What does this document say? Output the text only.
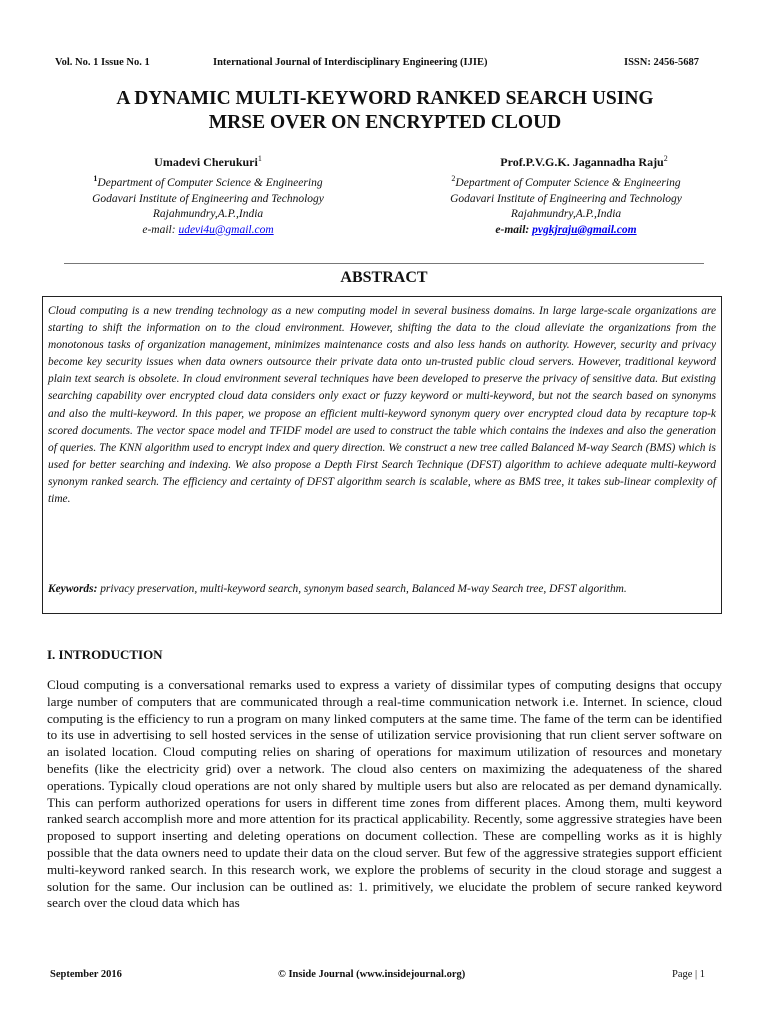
Vol. No. 1 Issue No. 1	International Journal of Interdisciplinary Engineering (IJIE)	ISSN: 2456-5687
A DYNAMIC MULTI-KEYWORD RANKED SEARCH USING
MRSE OVER ON ENCRYPTED CLOUD
Umadevi Cherukuri$^1$
$^1$Department of Computer Science & Engineering
Godavari Institute of Engineering and Technology
Rajahmundry,A.P.,India
e-mail: udevi4u@gmail.com
Prof.P.V.G.K. Jagannadha Raju$^2$
$^2$Department of Computer Science & Engineering
Godavari Institute of Engineering and Technology
Rajahmundry,A.P.,India
e-mail: pvgkjraju@gmail.com
ABSTRACT

Cloud computing is a new trending technology as a new computing model in several business domains. In large large-scale organizations are starting to shift the information on to the cloud environment. However, shifting the data to the cloud alleviate the organizations from the monotonous tasks of organization management, minimizes maintenance costs and also less hands on authority. However, security and privacy become key security issues when data owners outsource their private data onto un-trusted public cloud servers. However, traditional keyword plain text search is obsolete. In cloud environment several techniques have been developed to preserve the privacy of sensitive data. But existing searching capability over encrypted cloud data considers only exact or fuzzy keyword or multi-keyword, but not the search based on synonyms and also the multi-keyword. In this paper, we propose an efficient multi-keyword synonym query over encrypted cloud data by recapture top-k scored documents. The vector space model and TFIDF model are used to construct the table which contains the indexes and also the generation of queries. The KNN algorithm used to encrypt index and query direction. We construct a new tree called Balanced M-way Search (BMS) which is used for better searching and indexing. We also propose a Depth First Search Technique (DFST) algorithm to achieve adequate multi-keyword synonym ranked search. The efficiency and certainty of DFST algorithm search is scalable, where as BMS tree, it takes sub-linear complexity of time.

Keywords: privacy preservation, multi-keyword search, synonym based search, Balanced M-way Search tree, DFST algorithm.

I. INTRODUCTION

Cloud computing is a conversational remarks used to express a variety of dissimilar types of computing designs that occupy large number of computers that are communicated through a real-time communication network i.e. Internet. In science, cloud computing is the efficiency to run a program on many linked computers at the same time. The fame of the term can be identified to its use in advertising to sell hosted services in the sense of utilization service provisioning that run client server software on an isolated location. Cloud computing relies on sharing of operations for maximum utilization of resources and monetary benefits (like the electricity grid) over a network. The cloud also centers on maximizing the adequateness of the shared operations. Typically cloud operations are not only shared by multiple users but also are relocated as per demand dynamically. This can perform authorized operations for users in different time zones from different places. Among them, multi keyword ranked search accomplish more and more attention for its practical applicability. Recently, some aggressive strategies have been proposed to support inserting and deleting operations on document collection. These are compelling works as it is highly possible that the data owners need to update their data on the cloud server. But few of the aggressive strategies support efficient multi-keyword ranked search. In this research work, we explore the problems of security in the cloud storage and suggest a solution for the same. Our inclusion can be outlined as: 1. primitively, we elucidate the problem of secure ranked keyword search over the cloud data which has

September 2016	© Inside Journal (www.insidejournal.org)	Page | 1
